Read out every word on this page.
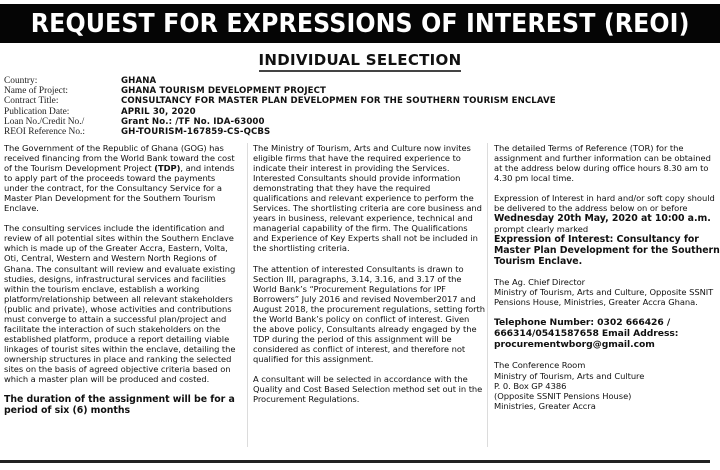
REQUEST FOR EXPRESSIONS OF INTEREST (REOI)
INDIVIDUAL SELECTION
Country:	GHANA
Name of Project:	GHANA TOURISM DEVELOPMENT PROJECT
Contract Title:	CONSULTANCY FOR MASTER PLAN DEVELOPMEN FOR THE SOUTHERN TOURISM ENCLAVE
Publication Date:	APRIL 30, 2020
Loan No./Credit No./	Grant No.: /TF No. IDA-63000
REOI Reference No.:	GH-TOURISM-167859-CS-QCBS

The Government of the Republic of Ghana (GOG) has received financing from the World Bank toward the cost of the Tourism Development Project (TDP), and intends to apply part of the proceeds toward the payments under the contract, for the Consultancy Service for a Master Plan Development for the Southern Tourism Enclave.

The consulting services include the identification and review of all potential sites within the Southern Enclave which is made up of the Greater Accra, Eastern, Volta, Oti, Central, Western and Western North Regions of Ghana. The consultant will review and evaluate existing studies, designs, infrastructural services and facilities within the tourism enclave, establish a working platform/relationship between all relevant stakeholders (public and private), whose activities and contributions must converge to attain a successful plan/project and facilitate the interaction of such stakeholders on the established platform, produce a report detailing viable linkages of tourist sites within the enclave, detailing the ownership structures in place and ranking the selected sites on the basis of agreed objective criteria based on which a master plan will be produced and costed.

The duration of the assignment will be for a period of six (6) months

The Ministry of Tourism, Arts and Culture now invites eligible firms that have the required experience to indicate their interest in providing the Services. Interested Consultants should provide information demonstrating that they have the required qualifications and relevant experience to perform the Services. The shortlisting criteria are core business and years in business, relevant experience, technical and managerial capability of the firm. The Qualifications and Experience of Key Experts shall not be included in the shortlisting criteria.

The attention of interested Consultants is drawn to Section III, paragraphs, 3.14, 3.16, and 3.17 of the World Bank’s “Procurement Regulations for IPF Borrowers” July 2016 and revised November2017 and August 2018, the procurement regulations, setting forth the World Bank’s policy on conflict of interest. Given the above policy, Consultants already engaged by the TDP during the period of this assignment will be considered as conflict of interest, and therefore not qualified for this assignment.

A consultant will be selected in accordance with the Quality and Cost Based Selection method set out in the Procurement Regulations.

The detailed Terms of Reference (TOR) for the assignment and further information can be obtained at the address below during office hours 8.30 am to 4.30 pm local time.

Expression of Interest in hard and/or soft copy should be delivered to the address below on or before Wednesday 20th May, 2020 at 10:00 a.m. prompt clearly marked
Expression of Interest: Consultancy for Master Plan Development for the Southern Tourism Enclave.

The Ag. Chief Director
Ministry of Tourism, Arts and Culture, Opposite SSNIT Pensions House, Ministries, Greater Accra Ghana.

Telephone Number: 0302 666426 / 666314/0541587658 Email Address: procurementwborg@gmail.com

The Conference Room
Ministry of Tourism, Arts and Culture
P. 0. Box GP 4386
(Opposite SSNIT Pensions House)
Ministries, Greater Accra
